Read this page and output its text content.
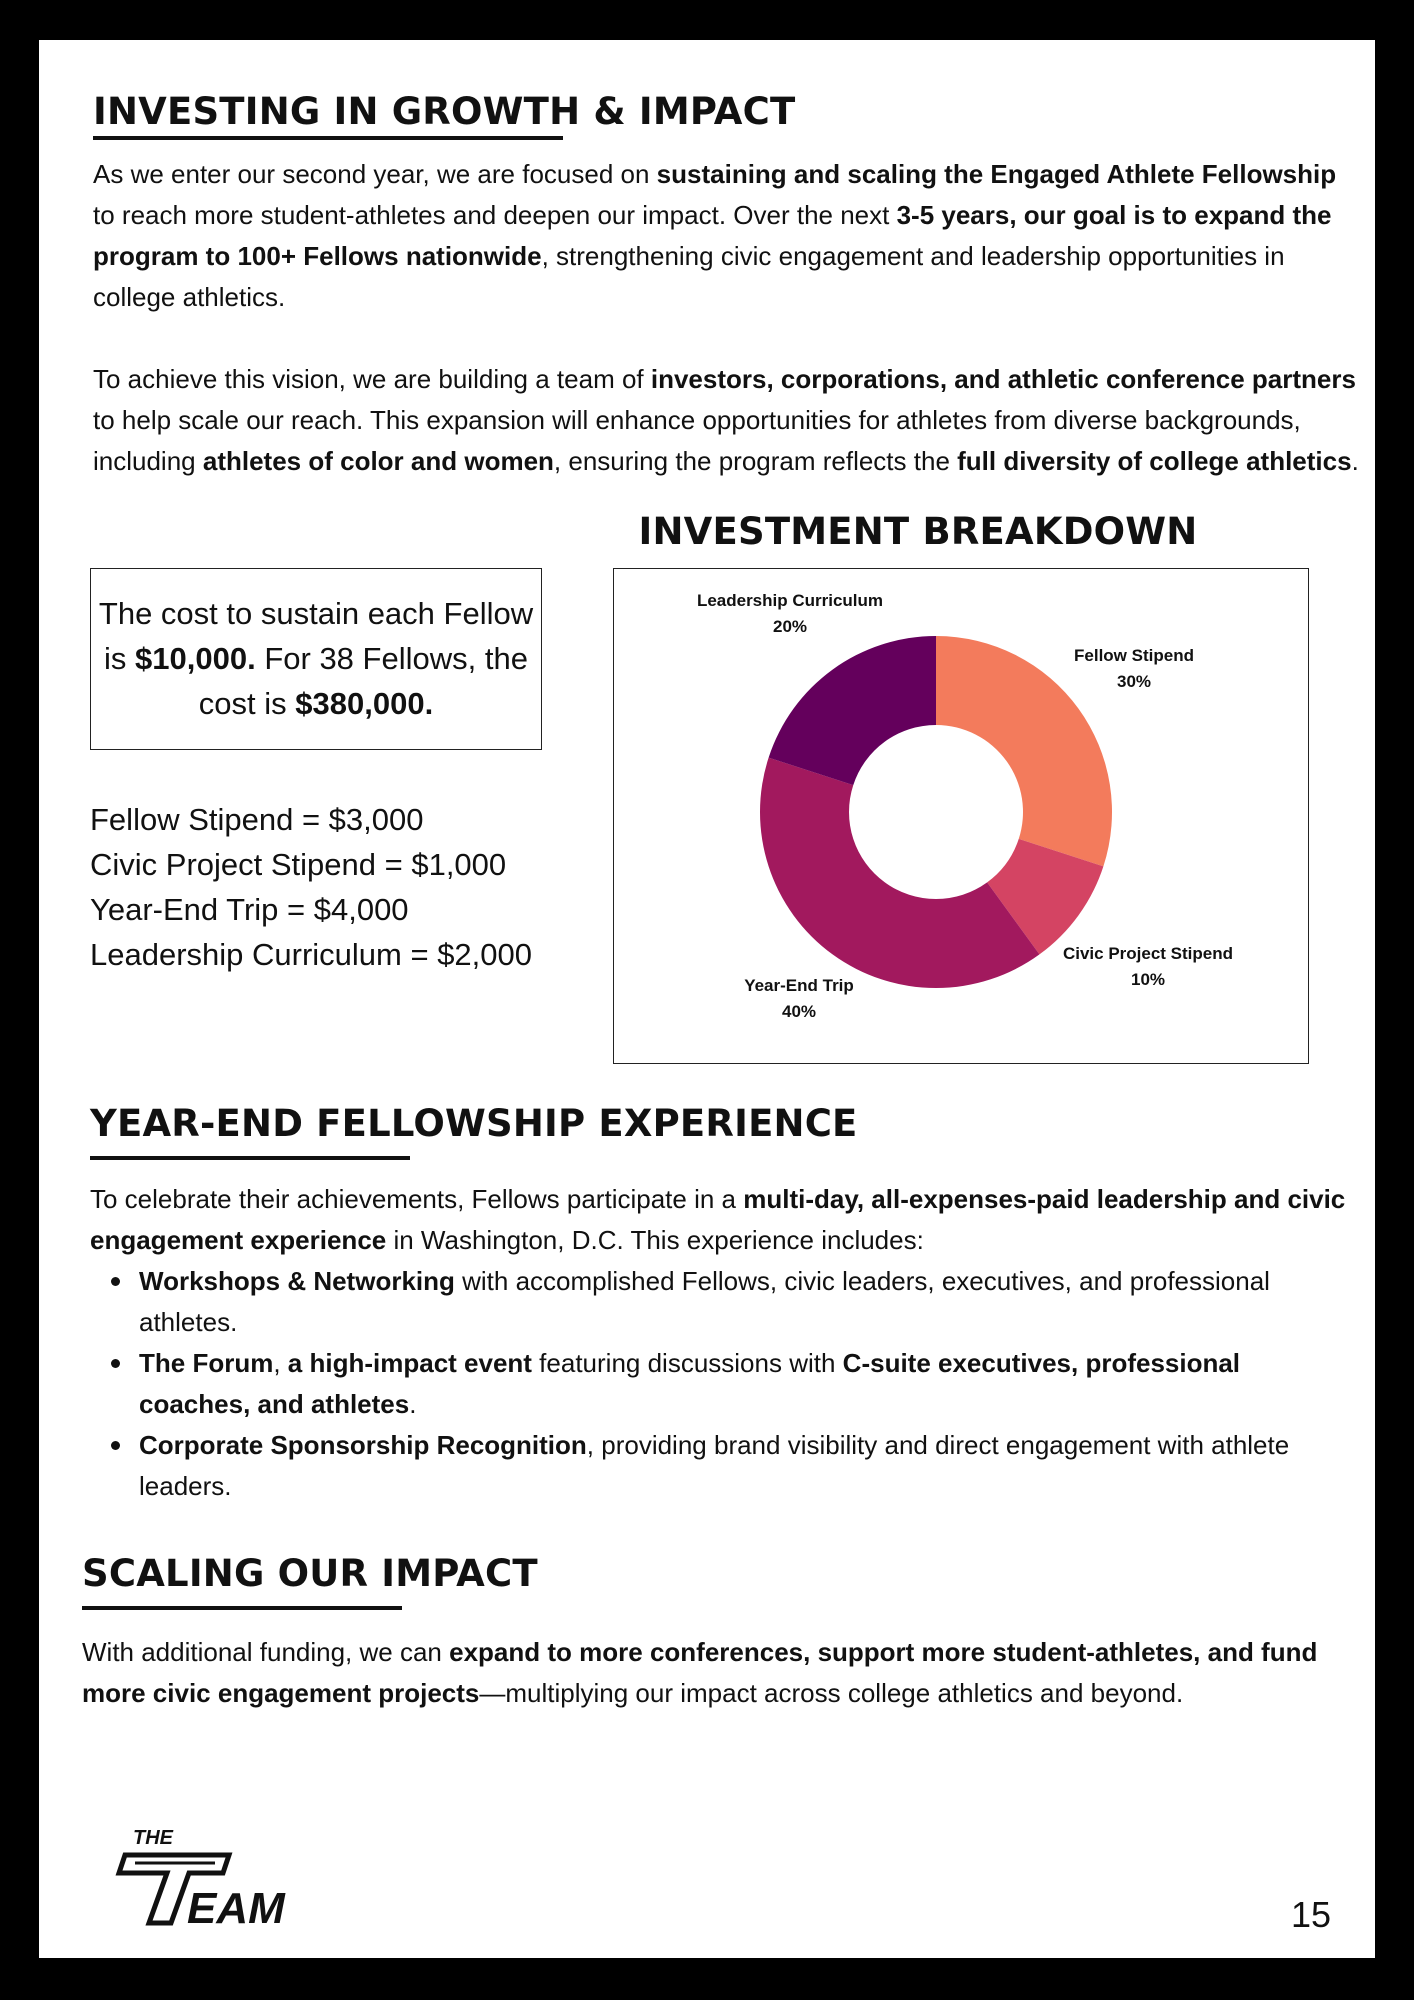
INVESTING IN GROWTH & IMPACT

As we enter our second year, we are focused on sustaining and scaling the Engaged Athlete Fellowship to reach more student-athletes and deepen our impact. Over the next 3-5 years, our goal is to expand the program to 100+ Fellows nationwide, strengthening civic engagement and leadership opportunities in college athletics.

To achieve this vision, we are building a team of investors, corporations, and athletic conference partners to help scale our reach. This expansion will enhance opportunities for athletes from diverse backgrounds, including athletes of color and women, ensuring the program reflects the full diversity of college athletics.

The cost to sustain each Fellow is $10,000. For 38 Fellows, the cost is $380,000.
Fellow Stipend = $3,000
Civic Project Stipend = $1,000
Year-End Trip = $4,000
Leadership Curriculum = $2,000
INVESTMENT BREAKDOWN
Fellow Stipend
30%
Civic Project Stipend
10%
Year-End Trip
40%
Leadership Curriculum
20%
YEAR-END FELLOWSHIP EXPERIENCE

To celebrate their achievements, Fellows participate in a multi-day, all-expenses-paid leadership and civic engagement experience in Washington, D.C. This experience includes:

Workshops & Networking with accomplished Fellows, civic leaders, executives, and professional athletes.
The Forum, a high-impact event featuring discussions with C-suite executives, professional coaches, and athletes.
Corporate Sponsorship Recognition, providing brand visibility and direct engagement with athlete leaders.
SCALING OUR IMPACT

With additional funding, we can expand to more conferences, support more student-athletes, and fund more civic engagement projects—multiplying our impact across college athletics and beyond.

THE
EAM	15
